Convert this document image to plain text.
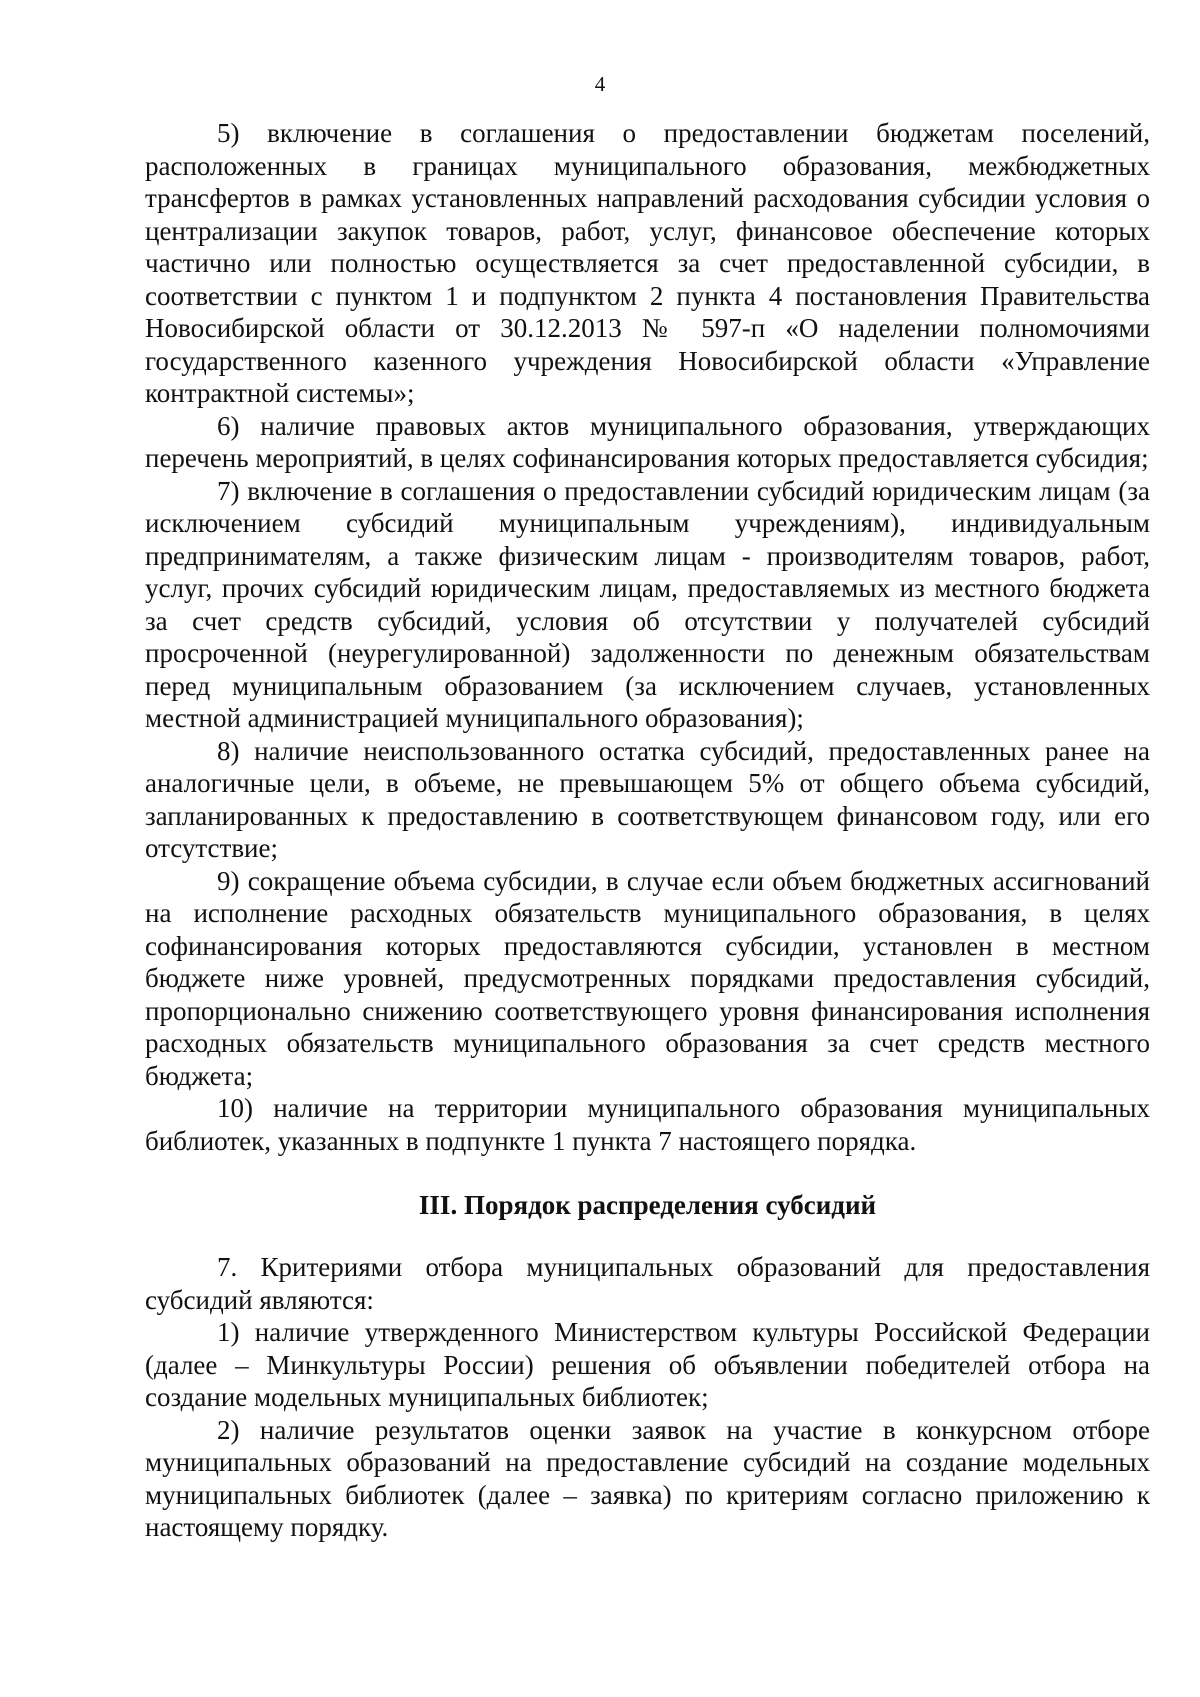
4

5) включение в соглашения о предоставлении бюджетам поселений, расположенных в границах муниципального образования, межбюджетных трансфертов в рамках установленных направлений расходования субсидии условия о централизации закупок товаров, работ, услуг, финансовое обеспечение которых частично или полностью осуществляется за счет предоставленной субсидии, в соответствии с пунктом 1 и подпунктом 2 пункта 4 постановления Правительства Новосибирской области от 30.12.2013 № 597-п «О наделении полномочиями государственного казенного учреждения Новосибирской области «Управление контрактной системы»;

6) наличие правовых актов муниципального образования, утверждающих перечень мероприятий, в целях софинансирования которых предоставляется субсидия;

7) включение в соглашения о предоставлении субсидий юридическим лицам (за исключением субсидий муниципальным учреждениям), индивидуальным предпринимателям, а также физическим лицам - производителям товаров, работ, услуг, прочих субсидий юридическим лицам, предоставляемых из местного бюджета за счет средств субсидий, условия об отсутствии у получателей субсидий просроченной (неурегулированной) задолженности по денежным обязательствам перед муниципальным образованием (за исключением случаев, установленных местной администрацией муниципального образования);

8) наличие неиспользованного остатка субсидий, предоставленных ранее на аналогичные цели, в объеме, не превышающем 5% от общего объема субсидий, запланированных к предоставлению в соответствующем финансовом году, или его отсутствие;

9) сокращение объема субсидии, в случае если объем бюджетных ассигнований на исполнение расходных обязательств муниципального образования, в целях софинансирования которых предоставляются субсидии, установлен в местном бюджете ниже уровней, предусмотренных порядками предоставления субсидий, пропорционально снижению соответствующего уровня финансирования исполнения расходных обязательств муниципального образования за счет средств местного бюджета;

10) наличие на территории муниципального образования муниципальных библиотек, указанных в подпункте 1 пункта 7 настоящего порядка.

III. Порядок распределения субсидий

7. Критериями отбора муниципальных образований для предоставления субсидий являются:

1) наличие утвержденного Министерством культуры Российской Федерации (далее – Минкультуры России) решения об объявлении победителей отбора на создание модельных муниципальных библиотек;

2) наличие результатов оценки заявок на участие в конкурсном отборе муниципальных образований на предоставление субсидий на создание модельных муниципальных библиотек (далее – заявка) по критериям согласно приложению к настоящему порядку.
